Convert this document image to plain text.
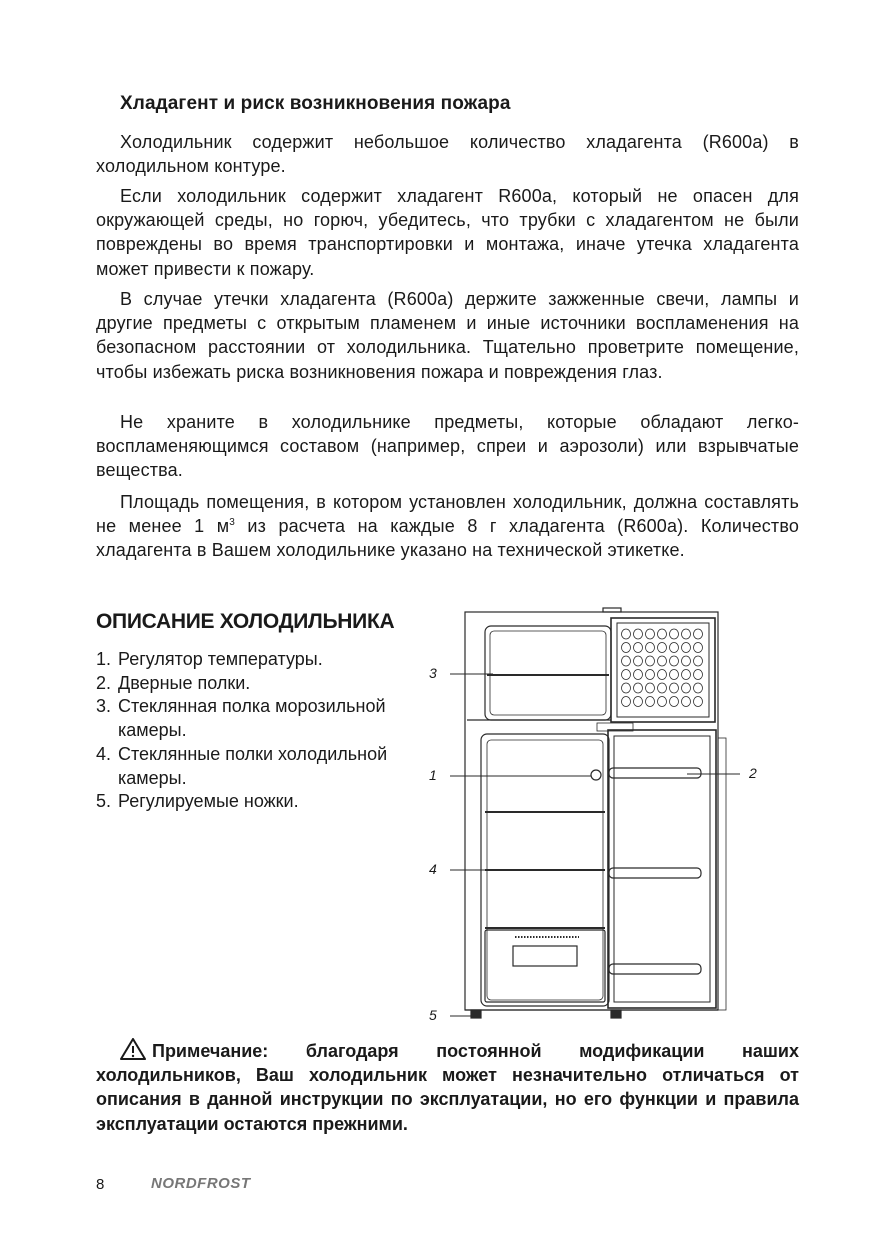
Хладагент и риск возникновения пожара

Холодильник содержит небольшое количество хладагента (R600a) в холодильном контуре.

Если холодильник содержит хладагент R600a, который не опасен для окружающей среды, но горюч, убедитесь, что трубки с хладагентом не были повреждены во время транспортировки и монтажа, иначе утечка хладагента может привести к пожару.

В случае утечки хладагента (R600a) держите зажженные свечи, лампы и другие предметы с открытым пламенем и иные источники воспламенения на безопасном расстоянии от холодильника. Тщательно проветрите помещение, чтобы избежать риска возникновения пожара и повреждения глаз.

Не храните в холодильнике предметы, которые обладают легко-воспламеняющимся составом (например, спреи и аэрозоли) или взрывчатые вещества.

Площадь помещения, в котором установлен холодильник, должна составлять не менее 1 $м^3$ из расчета на каждые 8 г хладагента (R600a). Количество хладагента в Вашем холодильнике указано на технической этикетке.

ОПИСАНИЕ ХОЛОДИЛЬНИКА
1. Регулятор температуры.
2. Дверные полки.
3. Стеклянная полка морозильной камеры.
4. Стеклянные полки холодильной камеры.
5. Регулируемые ножки.
3
1	2
4
5

Примечание: благодаря постоянной модификации наших холодильников, Ваш холодильник может незначительно отличаться от описания в данной инструкции по эксплуатации, но его функции и правила эксплуатации остаются прежними.

8	NORDFROST
